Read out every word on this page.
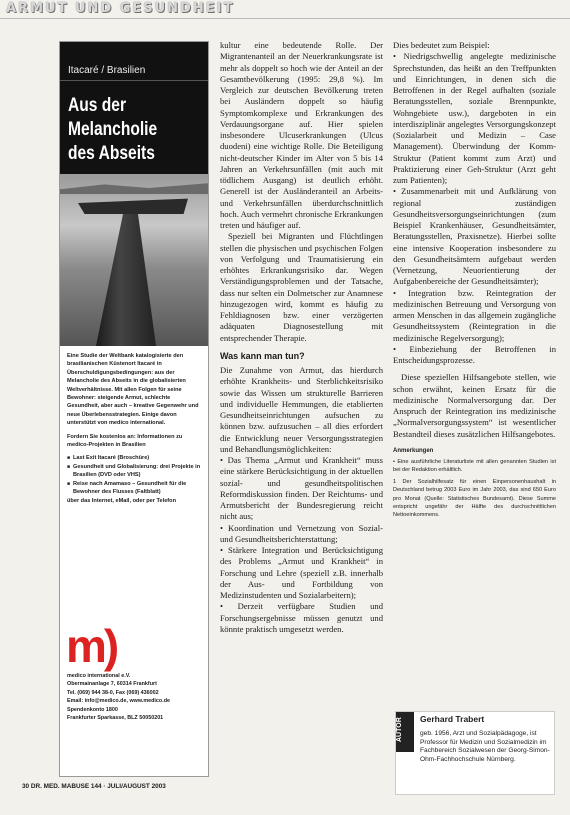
ARMUT UND GESUNDHEIT
Itacaré / Brasilien
Aus der Melancholie des Abseits

Eine Studie der Weltbank katalogisierte den brasilianischen Küstenort Itacaré in Überschuldigungsbedingungen: aus der Melancholie des Abseits in die globalisierten Weltverhältnisse. Mit allen Folgen für seine Bewohner: steigende Armut, schlechte Gesundheit, aber auch – kreative Gegenwehr und neue Überlebensstrategien. Einige davon unterstützt von medico international.

Fordern Sie kostenlos an: Informationen zu medico-Projekten in Brasilien

■ Last Exit Itacaré (Broschüre)
■ Gesundheit und Globalisierung: drei Projekte in Brasilien (DVD oder VHS)
■ Reise nach Amamaso – Gesundheit für die Bewohner des Flusses (Faltblatt)

über das Internet, eMail, oder per Telefon

m)
medico international e.V.
Obermainanlage 7, 60314 Frankfurt
Tel. (069) 944 38-0, Fax (069) 436002
Email: info@medico.de, www.medico.de
Spendenkonto 1800
Frankfurter Sparkasse, BLZ 50050201

kultur eine bedeutende Rolle. Der Migrantenanteil an der Neuerkrankungsrate ist mehr als doppelt so hoch wie der Anteil an der Gesamtbevölkerung (1995: 29,8 %). Im Vergleich zur deutschen Bevölkerung treten bei Ausländern doppelt so häufig Symptomkomplexe und Erkrankungen des Verdauungsorgane auf. Hier spielen insbesondere Ulcuserkrankungen (Ulcus duodeni) eine wichtige Rolle. Die Beteiligung nicht-deutscher Kinder im Alter von 5 bis 14 Jahren an Verkehrsunfällen (mit auch mit tödlichem Ausgang) ist deutlich erhöht. Generell ist der Ausländeranteil an Arbeits- und Verkehrsunfällen überdurchschnittlich hoch. Auch vermehrt chronische Erkrankungen treten und häufiger auf.

Speziell bei Migranten und Flüchtlingen stellen die physischen und psychischen Folgen von Verfolgung und Traumatisierung ein erhöhtes Erkrankungsrisiko dar. Wegen Verständigungsproblemen und der Tatsache, dass nur selten ein Dolmetscher zur Anamnese hinzugezogen wird, kommt es häufig zu Fehldiagnosen bzw. einer verzögerten adäquaten Diagnosestellung mit entsprechender Therapie.

Was kann man tun?

Die Zunahme von Armut, das hierdurch erhöhte Krankheits- und Sterblichkeitsrisiko sowie das Wissen um strukturelle Barrieren und individuelle Hemmungen, die etablierten Gesundheitseinrichtungen aufsuchen zu können bzw. aufzusuchen – all dies erfordert die Entwicklung neuer Versorgungsstrategien und Behandlungsmöglichkeiten:

• Das Thema „Armut und Krankheit“ muss eine stärkere Berücksichtigung in der aktuellen sozial- und gesundheitspolitischen Reformdiskussion finden. Der Reichtums- und Armutsbericht der Bundesregierung reicht nicht aus;

• Koordination und Vernetzung von Sozial- und Gesundheitsberichterstattung;

• Stärkere Integration und Berücksichtigung des Problems „Armut und Krankheit“ in Forschung und Lehre (speziell z.B. innerhalb der Aus- und Fortbildung von Medizinstudenten und Sozialarbeitern);

• Derzeit verfügbare Studien und Forschungsergebnisse müssen genutzt und könnte praktisch umgesetzt werden.

Dies bedeutet zum Beispiel:

• Niedrigschwellig angelegte medizinische Sprechstunden, das heißt an den Treffpunkten und Einrichtungen, in denen sich die Betroffenen in der Regel aufhalten (soziale Beratungsstellen, soziale Brennpunkte, Wohngebiete usw.), dargeboten in ein interdisziplinär angelegtes Versorgungskonzept (Sozialarbeit und Medizin – Case Management). Überwindung der Komm-Struktur (Patient kommt zum Arzt) und Praktizierung einer Geh-Struktur (Arzt geht zum Patienten);

• Zusammenarbeit mit und Aufklärung von regional zuständigen Gesundheitsversorgungseinrichtungen (zum Beispiel Krankenhäuser, Gesundheitsämter, Beratungsstellen, Praxisnetze). Hierbei sollte eine intensive Kooperation insbesondere zu den Gesundheitsämtern aufgebaut werden (Vernetzung, Neuorientierung der Aufgabenbereiche der Gesundheitsämter);

• Integration bzw. Reintegration der medizinischen Betreuung und Versorgung von armen Menschen in das allgemein zugängliche Gesundheitssystem (Reintegration in die medizinische Regelversorgung);

• Einbeziehung der Betroffenen in Entscheidungsprozesse.

Diese speziellen Hilfsangebote stellen, wie schon erwähnt, keinen Ersatz für die medizinische Normalversorgung dar. Der Anspruch der Reintegration ins medizinische „Normalversorgungssystem“ ist wesentlicher Bestandteil dieses zusätzlichen Hilfsangebotes.

Anmerkungen

• Eine ausführliche Literaturliste mit allen genannten Studien ist bei der Redaktion erhältlich.

1 Der Sozialhilfesatz für einen Einpersonenhaushalt in Deutschland betrug 2003 Euro im Jahr 2003, das sind 650 Euro pro Monat (Quelle: Statistisches Bundesamt). Diese Summe entspricht ungefähr der Hälfte des durchschnittlichen Nettoeinkommens.

AUTOR	Gerhard Trabert
geb. 1956, Arzt und Sozialpädagoge, ist Professor für Medizin und Sozialmedizin im Fachbereich Sozialwesen der Georg-Simon-Ohm-Fachhochschule Nürnberg.
30 DR. MED. MABUSE 144 · JULI/AUGUST 2003
